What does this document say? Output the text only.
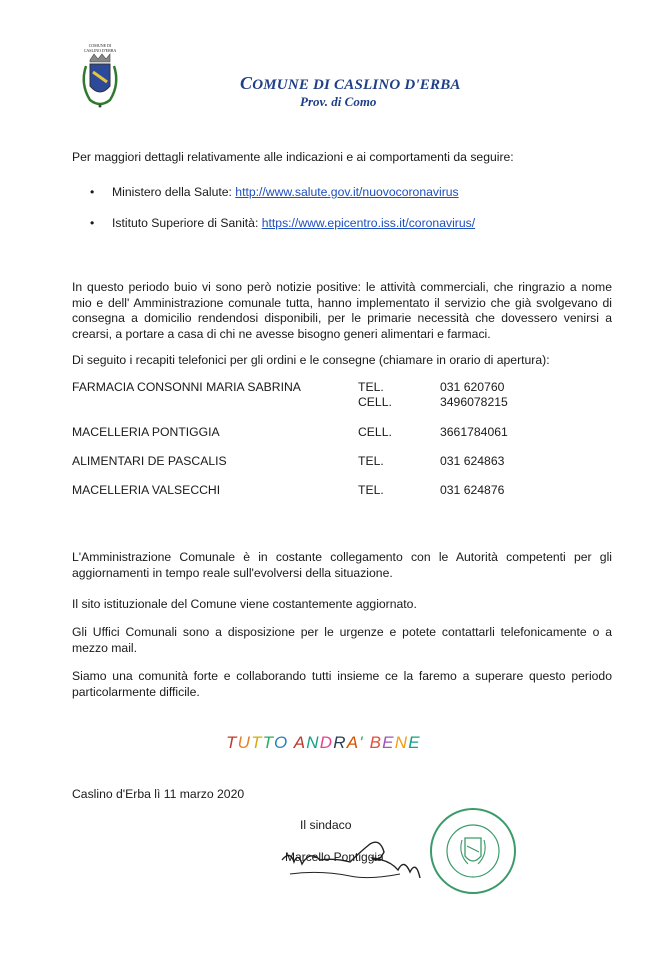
COMUNE DI CASLINO D'ERBA
COMUNE DI CASLINO D'ERBA
Prov. di Como
Per maggiori dettagli relativamente alle indicazioni e ai comportamenti da seguire:
• Ministero della Salute: http://www.salute.gov.it/nuovocoronavirus
• Istituto Superiore di Sanità: https://www.epicentro.iss.it/coronavirus/
In questo periodo buio vi sono però notizie positive: le attività commerciali, che ringrazio a nome mio e dell' Amministrazione comunale tutta, hanno implementato il servizio che già svolgevano di consegna a domicilio rendendosi disponibili, per le primarie necessità che dovessero venirsi a crearsi, a portare a casa di chi ne avesse bisogno generi alimentari e farmaci.
Di seguito i recapiti telefonici per gli ordini e le consegne (chiamare in orario di apertura):
FARMACIA CONSONNI MARIA SABRINA	TEL.	031 620760
CELL.	3496078215
MACELLERIA PONTIGGIA	CELL.	3661784061
ALIMENTARI DE PASCALIS	TEL.	031 624863
MACELLERIA VALSECCHI	TEL.	031 624876
L'Amministrazione Comunale è in costante collegamento con le Autorità competenti per gli aggiornamenti in tempo reale sull'evolversi della situazione.
Il sito istituzionale del Comune viene costantemente aggiornato.
Gli Uffici Comunali sono a disposizione per le urgenze e potete contattarli telefonicamente o a mezzo mail.
Siamo una comunità forte e collaborando tutti insieme ce la faremo a superare questo periodo particolarmente difficile.
TUTTO ANDRA' BENE
Caslino d'Erba lì 11 marzo 2020
Il sindaco
Marcello Pontiggia
